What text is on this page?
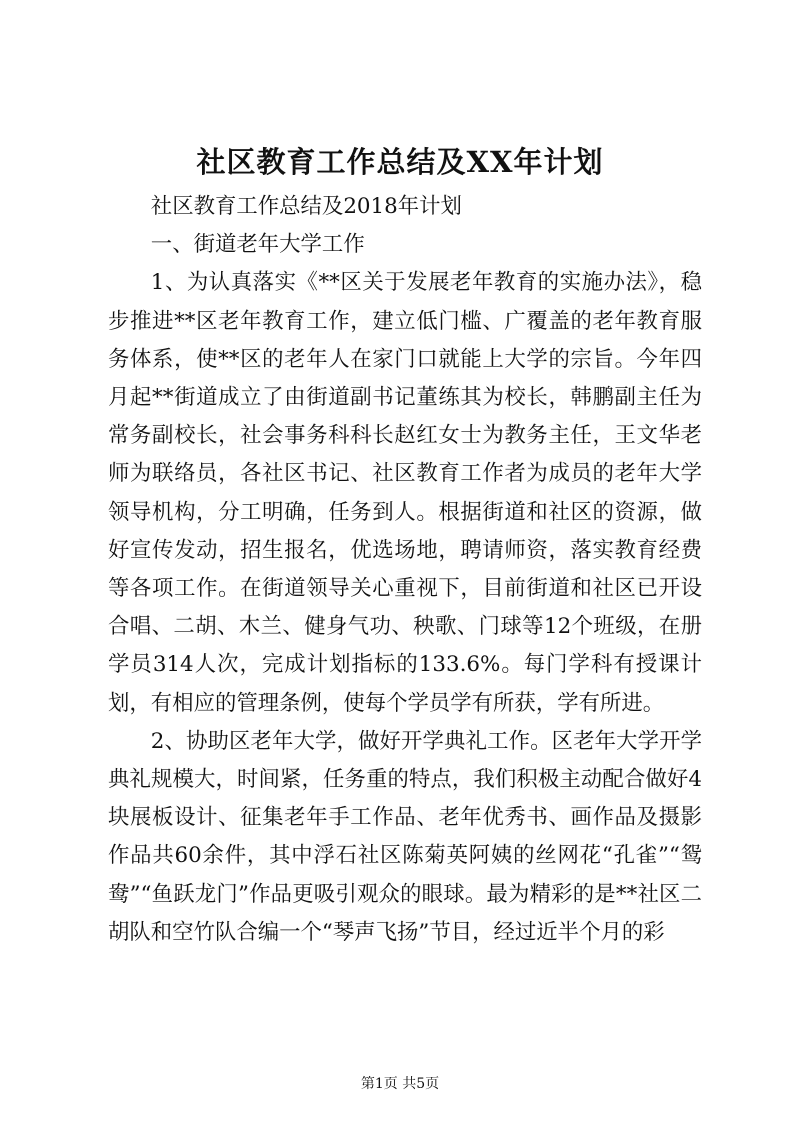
社区教育工作总结及XX年计划

社区教育工作总结及2018年计划

一、街道老年大学工作

1、为认真落实《**区关于发展老年教育的实施办法》，稳步推进**区老年教育工作，建立低门槛、广覆盖的老年教育服务体系，使**区的老年人在家门口就能上大学的宗旨。今年四月起**街道成立了由街道副书记董练其为校长，韩鹏副主任为常务副校长，社会事务科科长赵红女士为教务主任，王文华老师为联络员，各社区书记、社区教育工作者为成员的老年大学领导机构，分工明确，任务到人。根据街道和社区的资源，做好宣传发动，招生报名，优选场地，聘请师资，落实教育经费等各项工作。在街道领导关心重视下，目前街道和社区已开设合唱、二胡、木兰、健身气功、秧歌、门球等12个班级，在册学员314人次，完成计划指标的133.6%。每门学科有授课计划，有相应的管理条例，使每个学员学有所获，学有所进。

2、协助区老年大学，做好开学典礼工作。区老年大学开学典礼规模大，时间紧，任务重的特点，我们积极主动配合做好4块展板设计、征集老年手工作品、老年优秀书、画作品及摄影作品共60余件，其中浮石社区陈菊英阿姨的丝网花“孔雀”“鸳鸯”“鱼跃龙门”作品更吸引观众的眼球。最为精彩的是**社区二胡队和空竹队合编一个“琴声飞扬”节目，经过近半个月的彩

第1页 共5页
